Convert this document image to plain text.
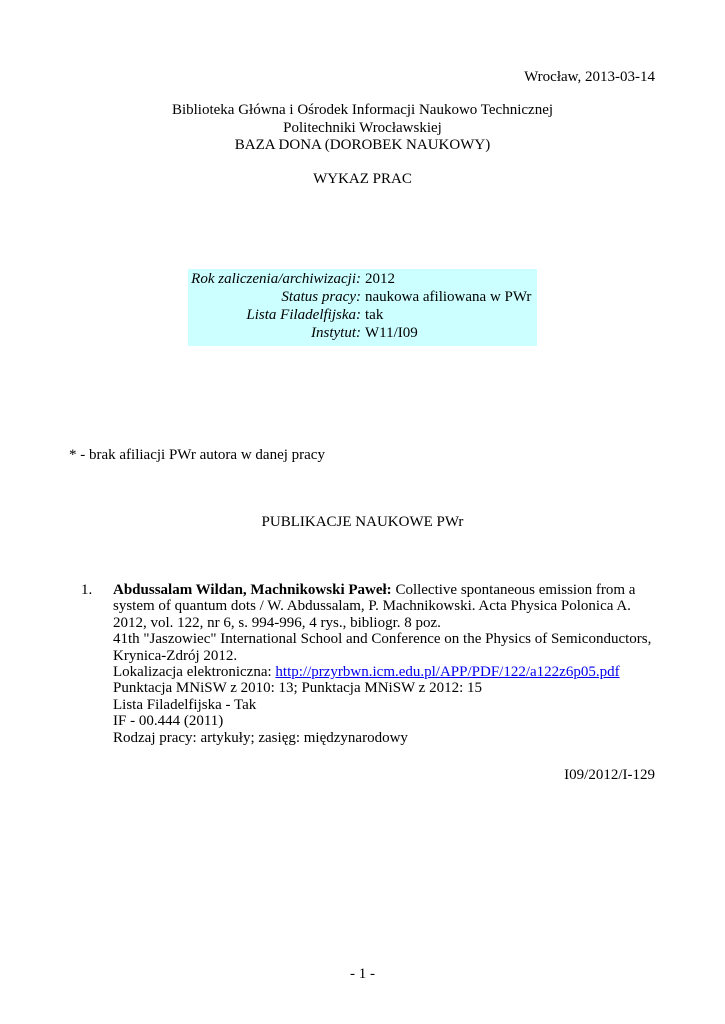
Wrocław, 2013-03-14
Biblioteka Główna i Ośrodek Informacji Naukowo Technicznej
Politechniki Wrocławskiej
BAZA DONA (DOROBEK NAUKOWY)
WYKAZ PRAC
Rok zaliczenia/archiwizacji: 2012
Status pracy: naukowa afiliowana w PWr
Lista Filadelfijska: tak
Instytut: W11/I09
* - brak afiliacji PWr autora w danej pracy
PUBLIKACJE NAUKOWE PWr
1. Abdussalam Wildan, Machnikowski Paweł: Collective spontaneous emission from a
system of quantum dots / W. Abdussalam, P. Machnikowski. Acta Physica Polonica A.
2012, vol. 122, nr 6, s. 994-996, 4 rys., bibliogr. 8 poz.
41th "Jaszowiec" International School and Conference on the Physics of Semiconductors,
Krynica-Zdrój 2012.
Lokalizacja elektroniczna: http://przyrbwn.icm.edu.pl/APP/PDF/122/a122z6p05.pdf
Punktacja MNiSW z 2010: 13; Punktacja MNiSW z 2012: 15
Lista Filadelfijska - Tak
IF - 00.444 (2011)
Rodzaj pracy: artykuły; zasięg: międzynarodowy
I09/2012/I-129
- 1 -
